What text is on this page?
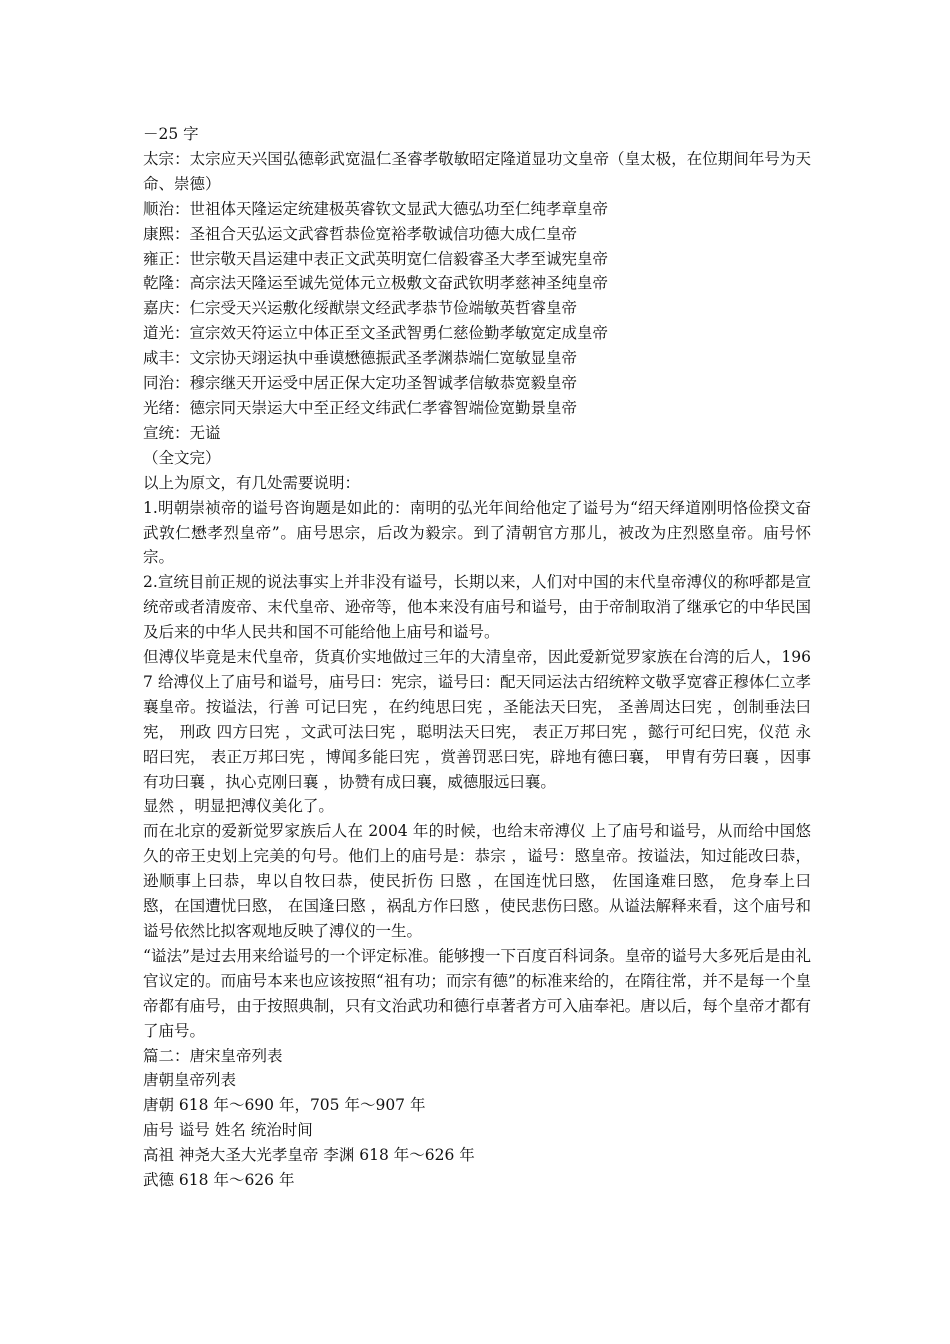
－25 字

太宗：太宗应天兴国弘德彰武宽温仁圣睿孝敬敏昭定隆道显功文皇帝（皇太极，在位期间年号为天命、崇德）

顺治：世祖体天隆运定统建极英睿钦文显武大德弘功至仁纯孝章皇帝

康熙：圣祖合天弘运文武睿哲恭俭宽裕孝敬诚信功德大成仁皇帝

雍正：世宗敬天昌运建中表正文武英明宽仁信毅睿圣大孝至诚宪皇帝

乾隆：高宗法天隆运至诚先觉体元立极敷文奋武钦明孝慈神圣纯皇帝

嘉庆：仁宗受天兴运敷化绥猷崇文经武孝恭节俭端敏英哲睿皇帝

道光：宣宗效天符运立中体正至文圣武智勇仁慈俭勤孝敏宽定成皇帝

咸丰：文宗协天翊运执中垂谟懋德振武圣孝渊恭端仁宽敏显皇帝

同治：穆宗继天开运受中居正保大定功圣智诚孝信敏恭宽毅皇帝

光绪：德宗同天崇运大中至正经文纬武仁孝睿智端俭宽勤景皇帝

宣统：无谥

（全文完）

以上为原文，有几处需要说明：

1.明朝崇祯帝的谥号咨询题是如此的：南明的弘光年间给他定了谥号为“绍天绎道刚明恪俭揆文奋武敦仁懋孝烈皇帝”。庙号思宗，后改为毅宗。到了清朝官方那儿，被改为庄烈愍皇帝。庙号怀宗。

2.宣统目前正规的说法事实上并非没有谥号，长期以来，人们对中国的末代皇帝溥仪的称呼都是宣统帝或者清废帝、末代皇帝、逊帝等，他本来没有庙号和谥号，由于帝制取消了继承它的中华民国及后来的中华人民共和国不可能给他上庙号和谥号。

但溥仪毕竟是末代皇帝，货真价实地做过三年的大清皇帝，因此爱新觉罗家族在台湾的后人，1967 给溥仪上了庙号和谥号，庙号曰：宪宗，谥号曰：配天同运法古绍统粹文敬孚宽睿正穆体仁立孝襄皇帝。按谥法，行善 可记曰宪 ，在约纯思曰宪 ，圣能法天曰宪， 圣善周达曰宪 ，创制垂法曰宪， 刑政 四方曰宪 ，文武可法曰宪 ，聪明法天曰宪， 表正万邦曰宪 ，懿行可纪曰宪，仪范 永昭曰宪， 表正万邦曰宪 ，博闻多能曰宪 ，赏善罚恶曰宪，辟地有德曰襄， 甲胄有劳曰襄 ，因事有功曰襄 ，执心克刚曰襄 ，协赞有成曰襄，威德服远曰襄。

显然 ，明显把溥仪美化了。

而在北京的爱新觉罗家族后人在 2004 年的时候，也给末帝溥仪 上了庙号和谥号，从而给中国悠久的帝王史划上完美的句号。他们上的庙号是：恭宗 ，谥号：愍皇帝。按谥法，知过能改曰恭，逊顺事上曰恭，卑以自牧曰恭，使民折伤 曰愍 ，在国连忧曰愍， 佐国逢难曰愍， 危身奉上曰愍，在国遭忧曰愍， 在国逢曰愍 ，祸乱方作曰愍 ，使民悲伤曰愍。从谥法解释来看，这个庙号和谥号依然比拟客观地反映了溥仪的一生。

“谥法”是过去用来给谥号的一个评定标准。能够搜一下百度百科词条。皇帝的谥号大多死后是由礼官议定的。而庙号本来也应该按照“祖有功；而宗有德”的标准来给的，在隋往常，并不是每一个皇帝都有庙号，由于按照典制，只有文治武功和德行卓著者方可入庙奉祀。唐以后，每个皇帝才都有了庙号。

篇二：唐宋皇帝列表

唐朝皇帝列表

唐朝 618 年～690 年，705 年～907 年

庙号 谥号 姓名 统治时间

高祖 神尧大圣大光孝皇帝 李渊 618 年～626 年

武德 618 年～626 年
